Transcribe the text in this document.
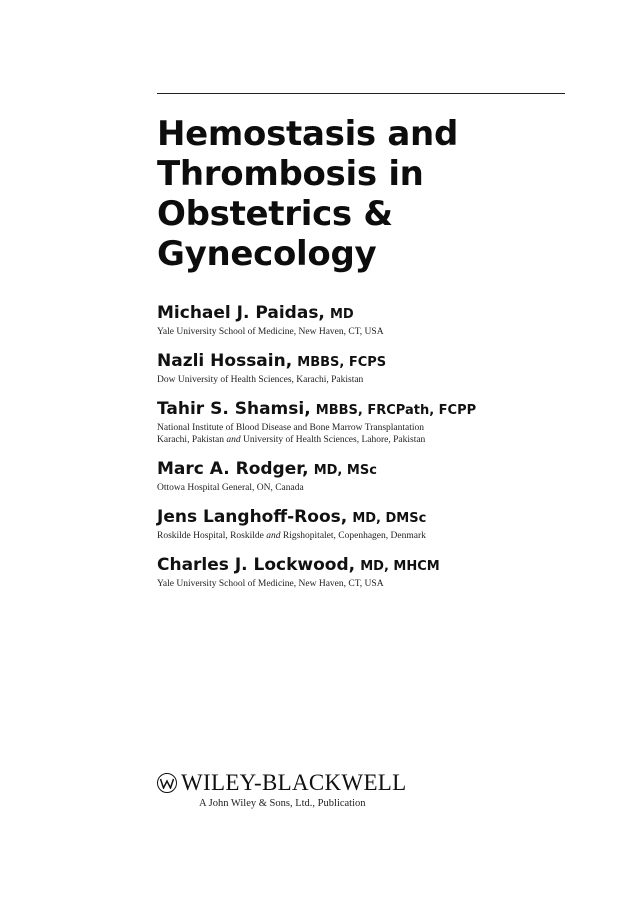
Hemostasis and
Thrombosis in
Obstetrics &
Gynecology
Michael J. Paidas, MD
Yale University School of Medicine, New Haven, CT, USA
Nazli Hossain, MBBS, FCPS
Dow University of Health Sciences, Karachi, Pakistan
Tahir S. Shamsi, MBBS, FRCPath, FCPP
National Institute of Blood Disease and Bone Marrow Transplantation
Karachi, Pakistan and University of Health Sciences, Lahore, Pakistan
Marc A. Rodger, MD, MSc
Ottowa Hospital General, ON, Canada
Jens Langhoff-Roos, MD, DMSc
Roskilde Hospital, Roskilde and Rigshopitalet, Copenhagen, Denmark
Charles J. Lockwood, MD, MHCM
Yale University School of Medicine, New Haven, CT, USA
WILEY-BLACKWELL
A John Wiley & Sons, Ltd., Publication
